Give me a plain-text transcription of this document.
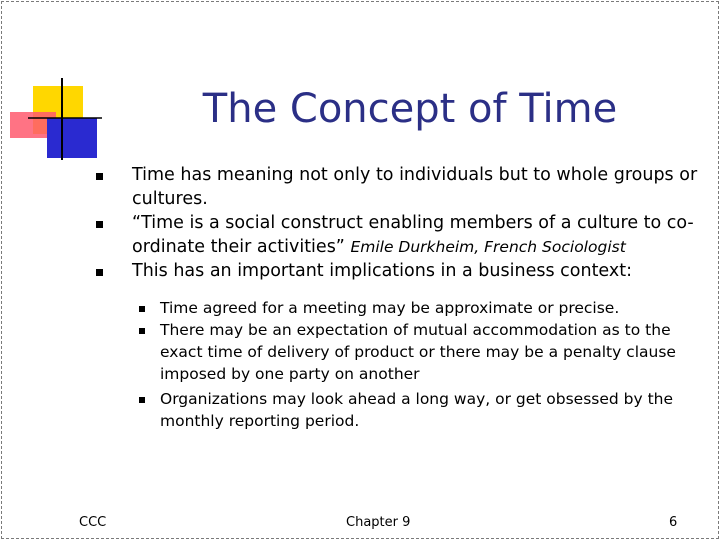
The Concept of Time
Time has meaning not only to individuals but to whole groups or cultures.
“Time is a social construct enabling members of a culture to co-ordinate their activities” Emile Durkheim, French Sociologist
This has an important implications in a business context:
Time agreed for a meeting may be approximate or precise.
There may be an expectation of mutual accommodation as to the exact time of delivery of product or there may be a penalty clause imposed by one party on another
Organizations may look ahead a long way, or get obsessed by the monthly reporting period.
CCC	Chapter 9	6
